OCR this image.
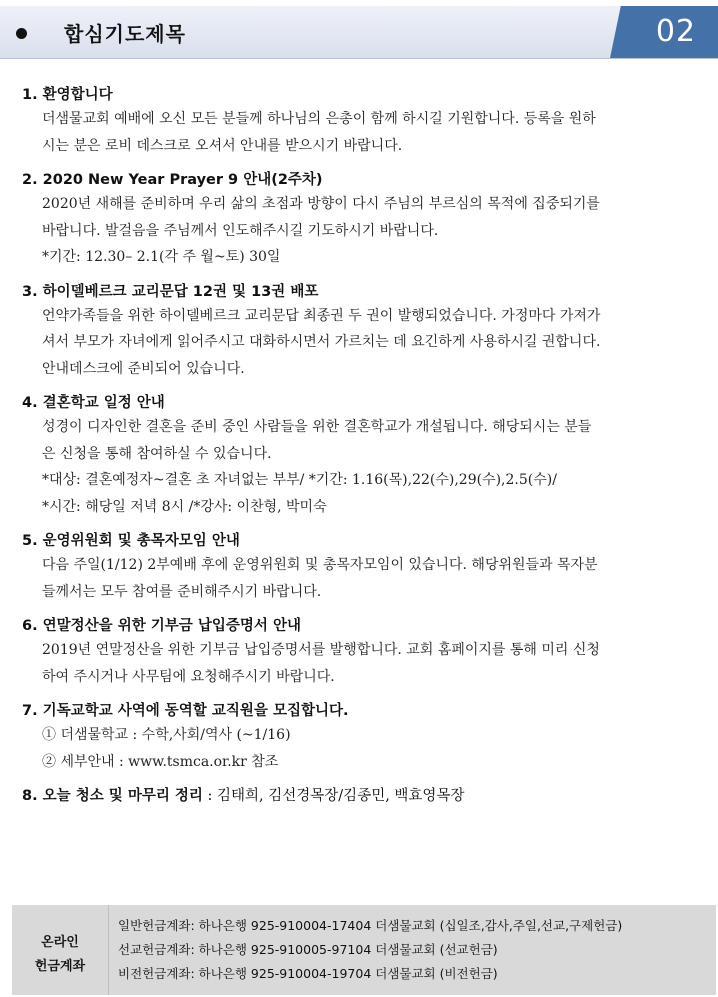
합심기도제목	02
1. 환영합니다
더샘물교회 예배에 오신 모든 분들께 하나님의 은총이 함께 하시길 기원합니다. 등록을 원하
시는 분은 로비 데스크로 오셔서 안내를 받으시기 바랍니다.
2. 2020 New Year Prayer 9 안내(2주차)
2020년 새해를 준비하며 우리 삶의 초점과 방향이 다시 주님의 부르심의 목적에 집중되기를
바랍니다. 발걸음을 주님께서 인도해주시길 기도하시기 바랍니다.
*기간: 12.30– 2.1(각 주 월~토) 30일
3. 하이델베르크 교리문답 12권 및 13권 배포
언약가족들을 위한 하이델베르크 교리문답 최종권 두 권이 발행되었습니다. 가정마다 가져가
셔서 부모가 자녀에게 읽어주시고 대화하시면서 가르치는 데 요긴하게 사용하시길 권합니다.
안내데스크에 준비되어 있습니다.
4. 결혼학교 일정 안내
성경이 디자인한 결혼을 준비 중인 사람들을 위한 결혼학교가 개설됩니다. 해당되시는 분들
은 신청을 통해 참여하실 수 있습니다.
*대상: 결혼예정자~결혼 초 자녀없는 부부/ *기간: 1.16(목),22(수),29(수),2.5(수)/
*시간: 해당일 저녁 8시 /*강사: 이찬형, 박미숙
5. 운영위원회 및 총목자모임 안내
다음 주일(1/12) 2부예배 후에 운영위원회 및 총목자모임이 있습니다. 해당위원들과 목자분
들께서는 모두 참여를 준비해주시기 바랍니다.
6. 연말정산을 위한 기부금 납입증명서 안내
2019년 연말정산을 위한 기부금 납입증명서를 발행합니다. 교회 홈페이지를 통해 미리 신청
하여 주시거나 사무팀에 요청해주시기 바랍니다.
7. 기독교학교 사역에 동역할 교직원을 모집합니다.
① 더샘물학교 : 수학,사회/역사 (~1/16)
② 세부안내 : www.tsmca.or.kr 참조
8. 오늘 청소 및 마무리 정리 : 김태희, 김선경목장/김종민, 백효영목장
온라인
헌금계좌
일반헌금계좌: 하나은행 925-910004-17404 더샘물교회 (십일조,감사,주일,선교,구제헌금)
선교헌금계좌: 하나은행 925-910005-97104 더샘물교회 (선교헌금)
비전헌금계좌: 하나은행 925-910004-19704 더샘물교회 (비전헌금)
